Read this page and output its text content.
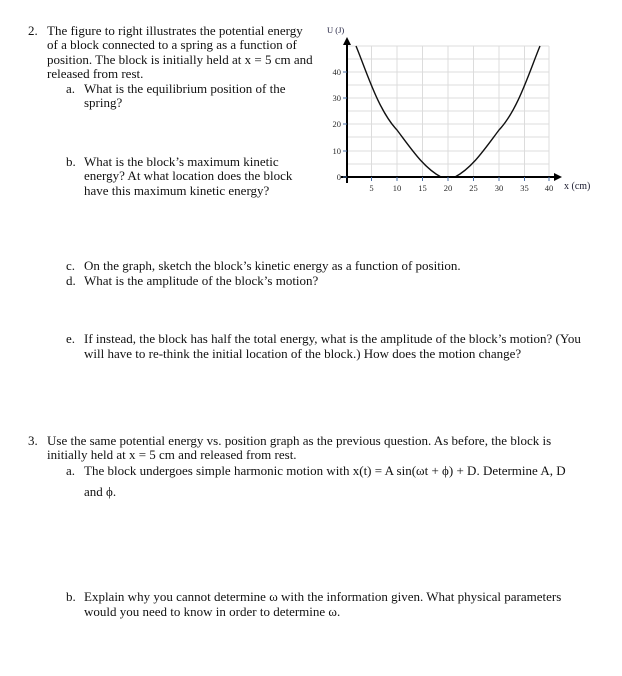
2. The figure to right illustrates the potential energy
of a block connected to a spring as a function of
position. The block is initially held at x = 5 cm and
released from rest.
a. What is the equilibrium position of the
spring?
b. What is the block’s maximum kinetic
energy? At what location does the block
have this maximum kinetic energy?
c. On the graph, sketch the block’s kinetic energy as a function of position.
d. What is the amplitude of the block’s motion?
e. If instead, the block has half the total energy, what is the amplitude of the block’s motion? (You
will have to re-think the initial location of the block.) How does the motion change?
40
30
20
10
0
5 10 15 20 25 30 35 40
U (J)
x (cm)
3. Use the same potential energy vs. position graph as the previous question. As before, the block is
initially held at x = 5 cm and released from rest.
a. The block undergoes simple harmonic motion with x(t) = A sin(ωt + ϕ) + D. Determine A, D
and ϕ.
b. Explain why you cannot determine ω with the information given. What physical parameters
would you need to know in order to determine ω.
